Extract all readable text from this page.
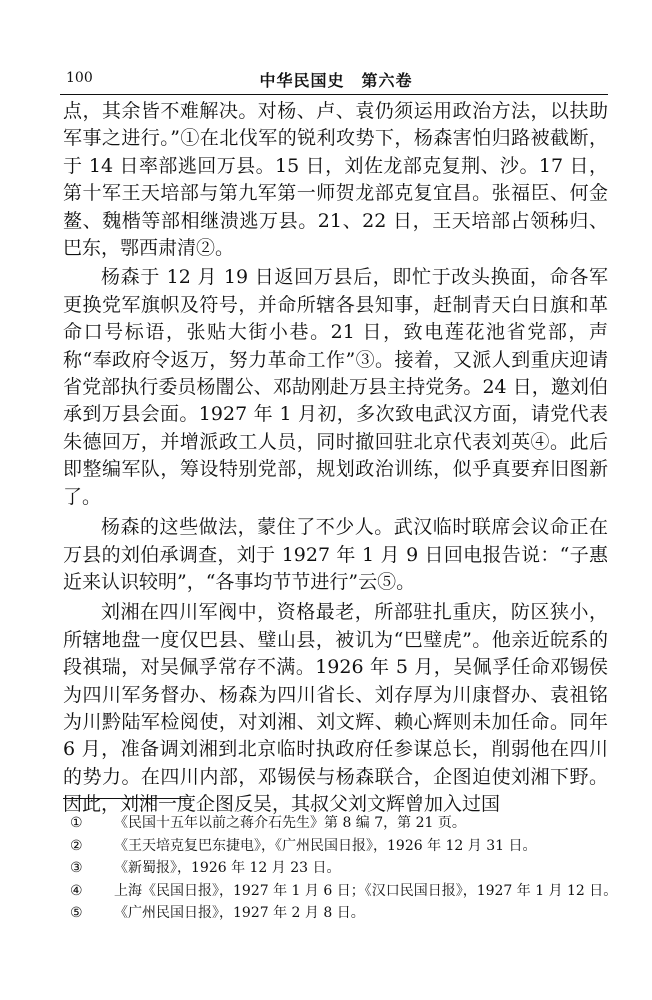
100	中华民国史　第六卷

点，其余皆不难解决。对杨、卢、袁仍须运用政治方法，以扶助军事之进行。”①在北伐军的锐利攻势下，杨森害怕归路被截断，于 14 日率部逃回万县。15 日，刘佐龙部克复荆、沙。17 日，第十军王天培部与第九军第一师贺龙部克复宜昌。张福臣、何金鳌、魏楷等部相继溃逃万县。21、22 日，王天培部占领秭归、巴东，鄂西肃清②。

杨森于 12 月 19 日返回万县后，即忙于改头换面，命各军更换党军旗帜及符号，并命所辖各县知事，赶制青天白日旗和革命口号标语，张贴大街小巷。21 日，致电莲花池省党部，声称“奉政府令返万，努力革命工作”③。接着，又派人到重庆迎请省党部执行委员杨闇公、邓劼刚赴万县主持党务。24 日，邀刘伯承到万县会面。1927 年 1 月初，多次致电武汉方面，请党代表朱德回万，并增派政工人员，同时撤回驻北京代表刘英④。此后即整编军队，筹设特别党部，规划政治训练，似乎真要弃旧图新了。

杨森的这些做法，蒙住了不少人。武汉临时联席会议命正在万县的刘伯承调查，刘于 1927 年 1 月 9 日回电报告说：“子惠近来认识较明”，“各事均节节进行”云⑤。

刘湘在四川军阀中，资格最老，所部驻扎重庆，防区狭小，所辖地盘一度仅巴县、璧山县，被讥为“巴璧虎”。他亲近皖系的段祺瑞，对吴佩孚常存不满。1926 年 5 月，吴佩孚任命邓锡侯为四川军务督办、杨森为四川省长、刘存厚为川康督办、袁祖铭为川黔陆军检阅使，对刘湘、刘文辉、赖心辉则未加任命。同年 6 月，准备调刘湘到北京临时执政府任参谋总长，削弱他在四川的势力。在四川内部，邓锡侯与杨森联合，企图迫使刘湘下野。因此，刘湘一度企图反吴，其叔父刘文辉曾加入过国

① 《民国十五年以前之蒋介石先生》第 8 编 7，第 21 页。
② 《王天培克复巴东捷电》，《广州民国日报》，1926 年 12 月 31 日。
③ 《新蜀报》，1926 年 12 月 23 日。
④ 上海《民国日报》，1927 年 1 月 6 日；《汉口民国日报》，1927 年 1 月 12 日。
⑤ 《广州民国日报》，1927 年 2 月 8 日。
